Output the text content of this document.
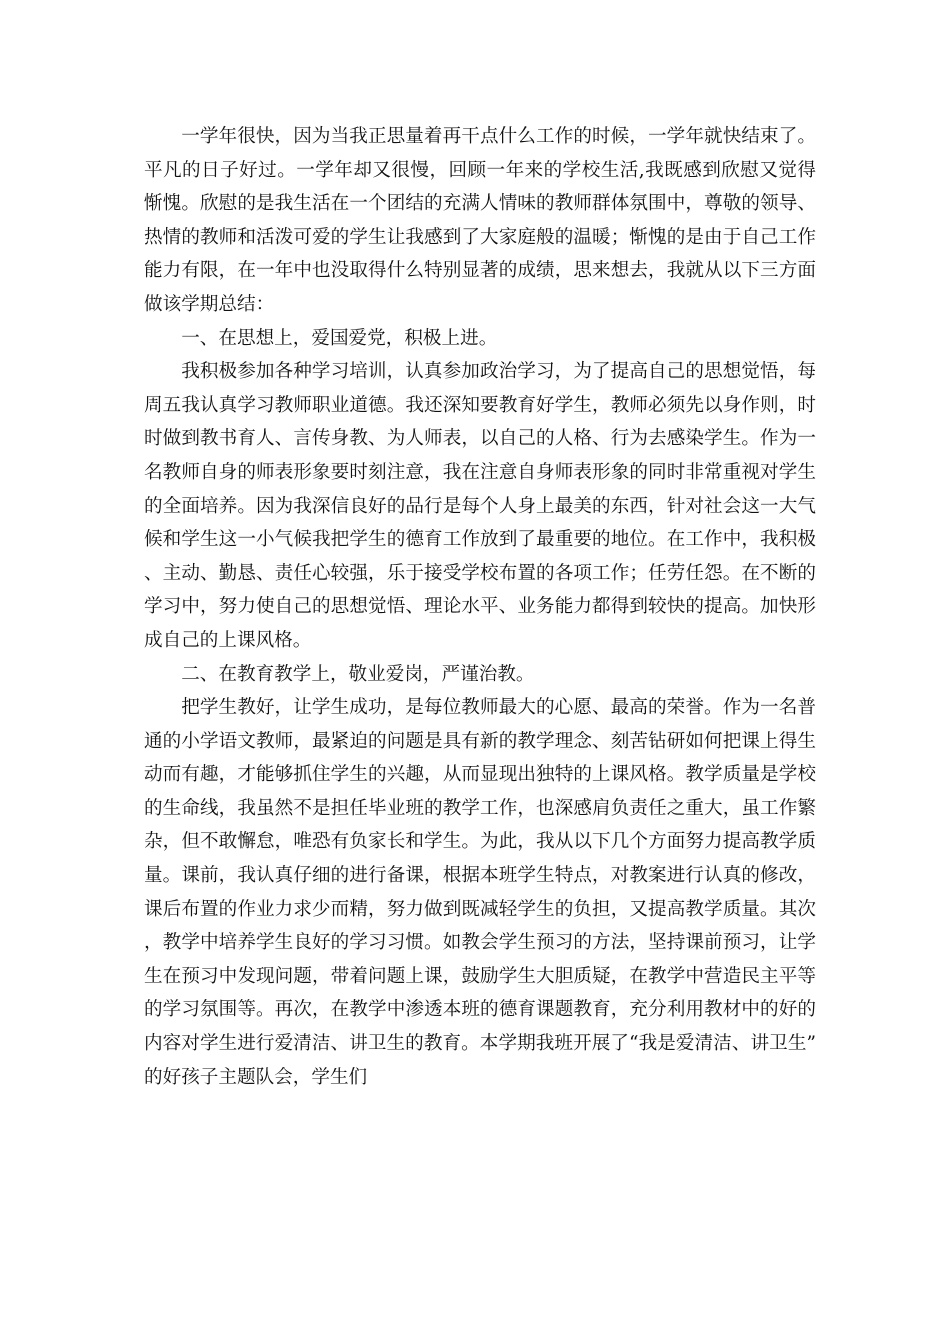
一学年很快，因为当我正思量着再干点什么工作的时候，一学年就快结束了。平凡的日子好过。一学年却又很慢，回顾一年来的学校生活,我既感到欣慰又觉得惭愧。欣慰的是我生活在一个团结的充满人情味的教师群体氛围中，尊敬的领导、热情的教师和活泼可爱的学生让我感到了大家庭般的温暖；惭愧的是由于自己工作能力有限，在一年中也没取得什么特别显著的成绩，思来想去，我就从以下三方面做该学期总结：

一、在思想上，爱国爱党，积极上进。

我积极参加各种学习培训，认真参加政治学习，为了提高自己的思想觉悟，每周五我认真学习教师职业道德。我还深知要教育好学生，教师必须先以身作则，时时做到教书育人、言传身教、为人师表，以自己的人格、行为去感染学生。作为一名教师自身的师表形象要时刻注意，我在注意自身师表形象的同时非常重视对学生的全面培养。因为我深信良好的品行是每个人身上最美的东西，针对社会这一大气候和学生这一小气候我把学生的德育工作放到了最重要的地位。在工作中，我积极、主动、勤恳、责任心较强，乐于接受学校布置的各项工作；任劳任怨。在不断的学习中，努力使自己的思想觉悟、理论水平、业务能力都得到较快的提高。加快形成自己的上课风格。

二、在教育教学上，敬业爱岗，严谨治教。

把学生教好，让学生成功，是每位教师最大的心愿、最高的荣誉。作为一名普通的小学语文教师，最紧迫的问题是具有新的教学理念、刻苦钻研如何把课上得生动而有趣，才能够抓住学生的兴趣，从而显现出独特的上课风格。教学质量是学校的生命线，我虽然不是担任毕业班的教学工作，也深感肩负责任之重大，虽工作繁杂，但不敢懈怠，唯恐有负家长和学生。为此，我从以下几个方面努力提高教学质量。课前，我认真仔细的进行备课，根据本班学生特点，对教案进行认真的修改，课后布置的作业力求少而精，努力做到既减轻学生的负担，又提高教学质量。其次，教学中培养学生良好的学习习惯。如教会学生预习的方法，坚持课前预习，让学生在预习中发现问题，带着问题上课，鼓励学生大胆质疑，在教学中营造民主平等的学习氛围等。再次，在教学中渗透本班的德育课题教育，充分利用教材中的好的内容对学生进行爱清洁、讲卫生的教育。本学期我班开展了“我是爱清洁、讲卫生”的好孩子主题队会，学生们
